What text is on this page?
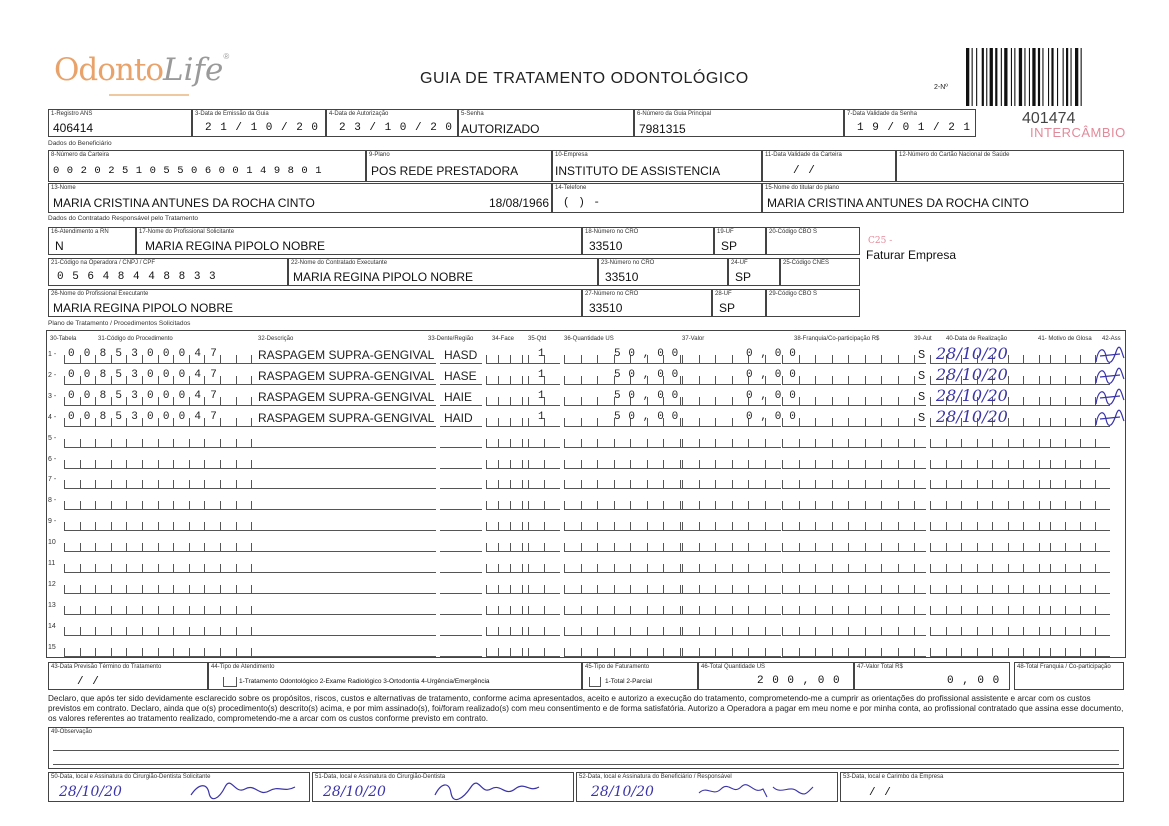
OdontoLife®
GUIA DE TRATAMENTO ODONTOLÓGICO
2-Nº
401474
INTERCÂMBIO
1-Registro ANS
406414
3-Data de Emissão da Guia
2 1 / 1 0 / 2 0
4-Data de Autorização
2 3 / 1 0 / 2 0
5-Senha
AUTORIZADO
6-Número da Guia Principal
7981315
7-Data Validade da Senha
1 9 / 0 1 / 2 1
Dados do Beneficiário
8-Número da Carteira
0 0 2 0 2 5 1 0 5 5 0 6 0 0 1 4 9 8 0 1
9-Plano
POS REDE PRESTADORA
10-Empresa
INSTITUTO DE ASSISTENCIA
11-Data Validade da Carteira
/ /
12-Número do Cartão Nacional de Saúde
13-Nome
MARIA CRISTINA ANTUNES DA ROCHA CINTO	18/08/1966
14-Telefone
( ) -
15-Nome do titular do plano
MARIA CRISTINA ANTUNES DA ROCHA CINTO
Dados do Contratado Responsável pelo Tratamento
16-Atendimento a RN
N
17-Nome do Profissional Solicitante
MARIA REGINA PIPOLO NOBRE
18-Número no CRO
33510
19-UF
SP
20-Código CBO S
C25 -
Faturar Empresa
21-Código na Operadora / CNPJ / CPF
0 5 6 4 8 4 4 8 8 3 3
22-Nome do Contratado Executante
MARIA REGINA PIPOLO NOBRE
23-Número no CRO
33510
24-UF
SP
25-Código CNES
26-Nome do Profissional Executante
MARIA REGINA PIPOLO NOBRE
27-Número no CRO
33510
28-UF
SP
29-Código CBO S
Plano de Tratamento / Procedimentos Solicitados
30-Tabela	31-Código do Procedimento	32-Descrição	33-Dente/Região	34-Face 35-Qtd	36-Quantidade US	37-Valor	38-Franquia/Co-participação R$	39-Aut 40-Data de Realização	41- Motivo de Glosa 42-Ass
1 - 0 0 8 5 3 0 0 0 4 7	RASPAGEM SUPRA-GENGIVAL HASD	1	5 0 , 0 0	0 , 0 0	S 28/10/20
2 - 0 0 8 5 3 0 0 0 4 7	RASPAGEM SUPRA-GENGIVAL HASE	1	5 0 , 0 0	0 , 0 0	S 28/10/20
3 - 0 0 8 5 3 0 0 0 4 7	RASPAGEM SUPRA-GENGIVAL HAIE	1	5 0 , 0 0	0 , 0 0	S 28/10/20
4 - 0 0 8 5 3 0 0 0 4 7	RASPAGEM SUPRA-GENGIVAL HAID	1	5 0 , 0 0	0 , 0 0	S 28/10/20
5 -
6 -
7 -
8 -
9 -
10
11
12
13
14
15
43-Data Previsão Término do Tratamento
/ /
44-Tipo de Atendimento
1-Tratamento Odontológico 2-Exame Radiológico 3-Ortodontia 4-Urgência/Emergência
45-Tipo de Faturamento
1-Total 2-Parcial
46-Total Quantidade US
2 0 0 , 0 0
47-Valor Total R$
0 , 0 0
48-Total Franquia / Co-participação
Declaro, que após ter sido devidamente esclarecido sobre os propósitos, riscos, custos e alternativas de tratamento, conforme acima apresentados, aceito e autorizo a execução do tratamento, comprometendo-me a cumprir as orientações do profissional assistente e arcar com os custos previstos em contrato. Declaro, ainda que o(s) procedimento(s) descrito(s) acima, e por mim assinado(s), foi/foram realizado(s) com meu consentimento e de forma satisfatória. Autorizo a Operadora a pagar em meu nome e por minha conta, ao profissional contratado que assina esse documento, os valores referentes ao tratamento realizado, comprometendo-me a arcar com os custos conforme previsto em contrato.
49-Observação
50-Data, local e Assinatura do Cirurgião-Dentista Solicitante
28/10/20
51-Data, local e Assinatura do Cirurgião-Dentista
28/10/20
52-Data, local e Assinatura do Beneficiário / Responsável
28/10/20
53-Data, local e Carimbo da Empresa
/ /
